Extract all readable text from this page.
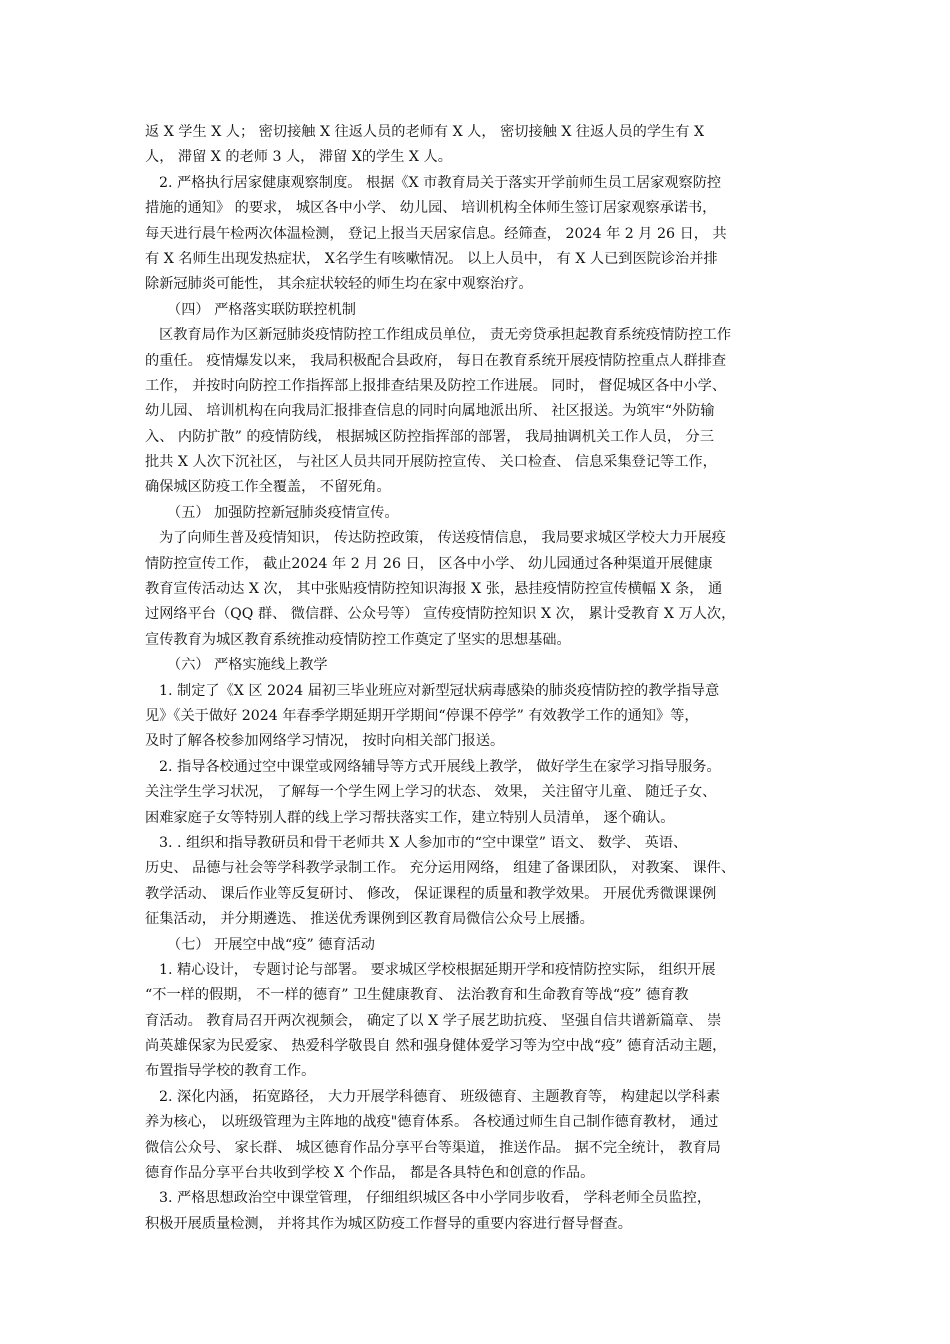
返 X 学生 X 人； 密切接触 X 往返人员的老师有 X 人， 密切接触 X 往返人员的学生有 X
人， 滞留 X 的老师 3 人， 滞留 X的学生 X 人。
2. 严格执行居家健康观察制度。 根据《X 市教育局关于落实开学前师生员工居家观察防控
措施的通知》 的要求， 城区各中小学、 幼儿园、 培训机构全体师生签订居家观察承诺书，
每天进行晨午检两次体温检测， 登记上报当天居家信息。经筛查， 2024 年 2 月 26 日， 共
有 X 名师生出现发热症状， X名学生有咳嗽情况。 以上人员中， 有 X 人已到医院诊治并排
除新冠肺炎可能性， 其余症状较轻的师生均在家中观察治疗。
（四） 严格落实联防联控机制
区教育局作为区新冠肺炎疫情防控工作组成员单位， 责无旁贷承担起教育系统疫情防控工作
的重任。 疫情爆发以来， 我局积极配合县政府， 每日在教育系统开展疫情防控重点人群排查
工作， 并按时向防控工作指挥部上报排查结果及防控工作进展。 同时， 督促城区各中小学、
幼儿园、 培训机构在向我局汇报排查信息的同时向属地派出所、 社区报送。为筑牢“外防输
入、 内防扩散” 的疫情防线， 根据城区防控指挥部的部署， 我局抽调机关工作人员， 分三
批共 X 人次下沉社区， 与社区人员共同开展防控宣传、 关口检查、 信息采集登记等工作，
确保城区防疫工作全覆盖， 不留死角。
（五） 加强防控新冠肺炎疫情宣传。
为了向师生普及疫情知识， 传达防控政策， 传送疫情信息， 我局要求城区学校大力开展疫
情防控宣传工作， 截止2024 年 2 月 26 日， 区各中小学、 幼儿园通过各种渠道开展健康
教育宣传活动达 X 次， 其中张贴疫情防控知识海报 X 张，悬挂疫情防控宣传横幅 X 条， 通
过网络平台（QQ 群、 微信群、公众号等） 宣传疫情防控知识 X 次， 累计受教育 X 万人次，
宣传教育为城区教育系统推动疫情防控工作奠定了坚实的思想基础。
（六） 严格实施线上教学
1. 制定了《X 区 2024 届初三毕业班应对新型冠状病毒感染的肺炎疫情防控的教学指导意
见》《关于做好 2024 年春季学期延期开学期间“停课不停学” 有效教学工作的通知》等，
及时了解各校参加网络学习情况， 按时向相关部门报送。
2. 指导各校通过空中课堂或网络辅导等方式开展线上教学， 做好学生在家学习指导服务。
关注学生学习状况， 了解每一个学生网上学习的状态、 效果， 关注留守儿童、 随迁子女、
困难家庭子女等特别人群的线上学习帮扶落实工作，建立特别人员清单， 逐个确认。
3. . 组织和指导教研员和骨干老师共 X 人参加市的“空中课堂” 语文、 数学、 英语、
历史、 品德与社会等学科教学录制工作。 充分运用网络， 组建了备课团队， 对教案、 课件、
教学活动、 课后作业等反复研讨、 修改， 保证课程的质量和教学效果。 开展优秀微课课例
征集活动， 并分期遴选、 推送优秀课例到区教育局微信公众号上展播。
（七） 开展空中战“疫” 德育活动
1. 精心设计， 专题讨论与部署。 要求城区学校根据延期开学和疫情防控实际， 组织开展
“不一样的假期， 不一样的德育” 卫生健康教育、 法治教育和生命教育等战“疫” 德育教
育活动。 教育局召开两次视频会， 确定了以 X 学子展艺助抗疫、 坚强自信共谱新篇章、 崇
尚英雄保家为民爱家、 热爱科学敬畏自 然和强身健体爱学习等为空中战“疫” 德育活动主题，
布置指导学校的教育工作。
2. 深化内涵， 拓宽路径， 大力开展学科德育、 班级德育、主题教育等， 构建起以学科素
养为核心， 以班级管理为主阵地的战疫"德育体系。 各校通过师生自己制作德育教材， 通过
微信公众号、 家长群、 城区德育作品分享平台等渠道， 推送作品。 据不完全统计， 教育局
德育作品分享平台共收到学校 X 个作品， 都是各具特色和创意的作品。
3. 严格思想政治空中课堂管理， 仔细组织城区各中小学同步收看， 学科老师全员监控，
积极开展质量检测， 并将其作为城区防疫工作督导的重要内容进行督导督查。
